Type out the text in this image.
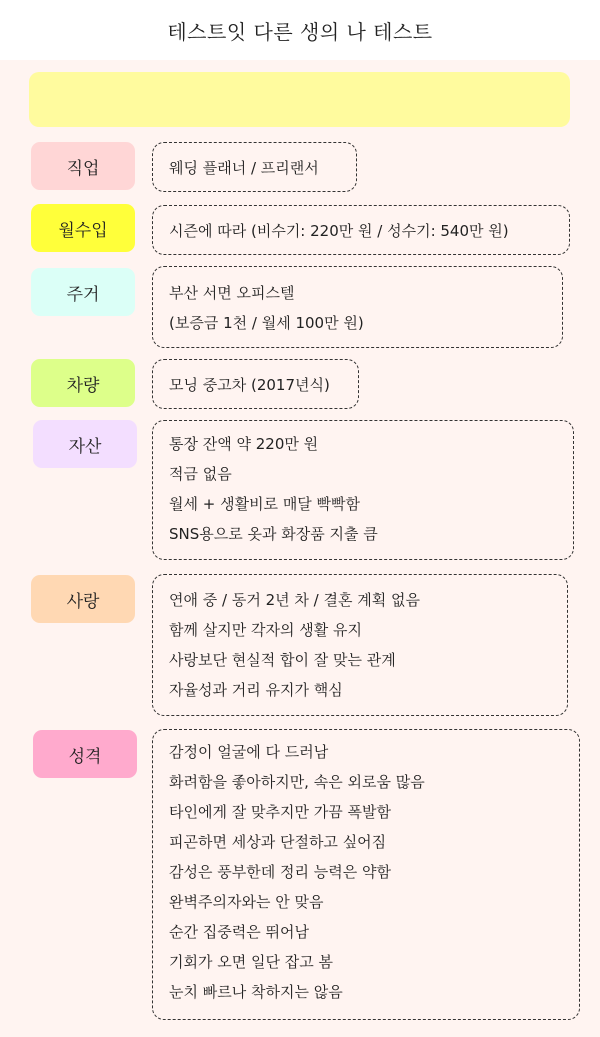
테스트잇 다른 생의 나 테스트
직업	웨딩 플래너 / 프리랜서
월수입	시즌에 따라 (비수기: 220만 원 / 성수기: 540만 원)
주거	부산 서면 오피스텔
(보증금 1천 / 월세 100만 원)
차량	모닝 중고차 (2017년식)
자산	통장 잔액 약 220만 원
적금 없음
월세 + 생활비로 매달 빡빡함
SNS용으로 옷과 화장품 지출 큼
사랑	연애 중 / 동거 2년 차 / 결혼 계획 없음
함께 살지만 각자의 생활 유지
사랑보단 현실적 합이 잘 맞는 관계
자율성과 거리 유지가 핵심
성격	감정이 얼굴에 다 드러남
화려함을 좋아하지만, 속은 외로움 많음
타인에게 잘 맞추지만 가끔 폭발함
피곤하면 세상과 단절하고 싶어짐
감성은 풍부한데 정리 능력은 약함
완벽주의자와는 안 맞음
순간 집중력은 뛰어남
기회가 오면 일단 잡고 봄
눈치 빠르나 착하지는 않음
